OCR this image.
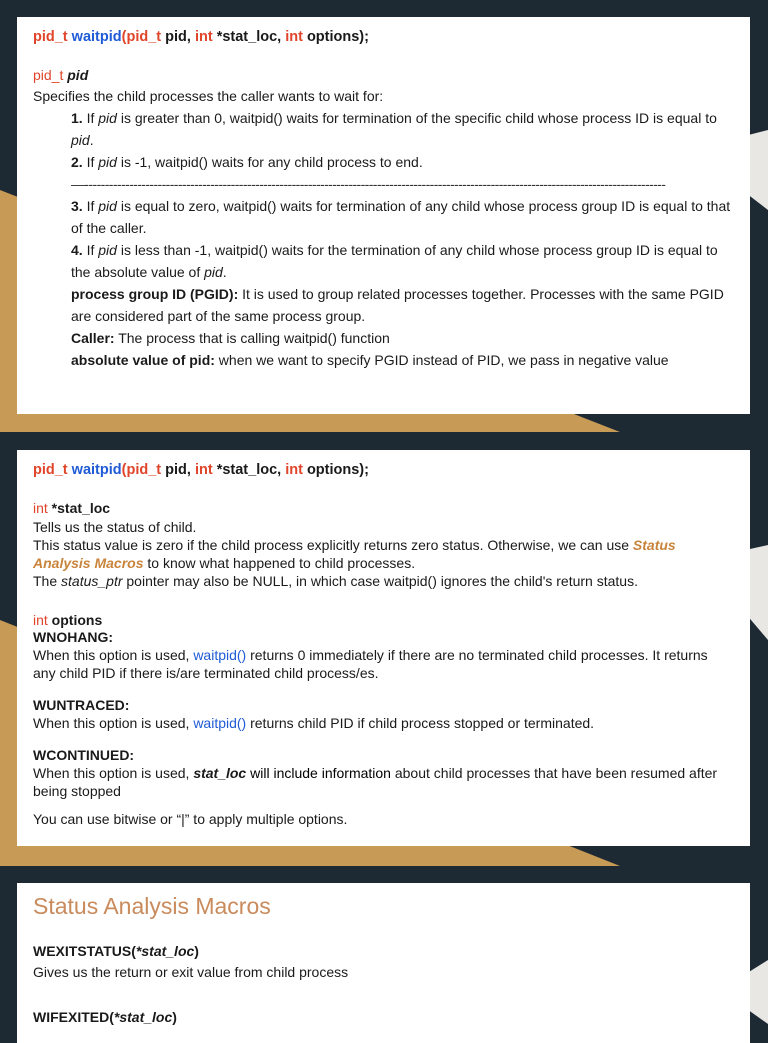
pid_t waitpid(pid_t pid, int *stat_loc, int options);
pid_t pid
Specifies the child processes the caller wants to wait for:
1. If pid is greater than 0, waitpid() waits for termination of the specific child whose process ID is equal to pid.
2. If pid is -1, waitpid() waits for any child process to end.
—-----------------------------------------------------------------------------------------------------------------------------------------------
3. If pid is equal to zero, waitpid() waits for termination of any child whose process group ID is equal to that of the caller.
4. If pid is less than -1, waitpid() waits for the termination of any child whose process group ID is equal to the absolute value of pid.
process group ID (PGID): It is used to group related processes together. Processes with the same PGID are considered part of the same process group.
Caller: The process that is calling waitpid() function
absolute value of pid: when we want to specify PGID instead of PID, we pass in negative value
pid_t waitpid(pid_t pid, int *stat_loc, int options);
int *stat_loc
Tells us the status of child.
This status value is zero if the child process explicitly returns zero status. Otherwise, we can use Status Analysis Macros to know what happened to child processes.
The status_ptr pointer may also be NULL, in which case waitpid() ignores the child's return status.
int options
WNOHANG:
When this option is used, waitpid() returns 0 immediately if there are no terminated child processes. It returns any child PID if there is/are terminated child process/es.
WUNTRACED:
When this option is used, waitpid() returns child PID if child process stopped or terminated.
WCONTINUED:
When this option is used, stat_loc will include information about child processes that have been resumed after being stopped
You can use bitwise or “|” to apply multiple options.
Status Analysis Macros
WEXITSTATUS(*stat_loc)
Gives us the return or exit value from child process
WIFEXITED(*stat_loc)
